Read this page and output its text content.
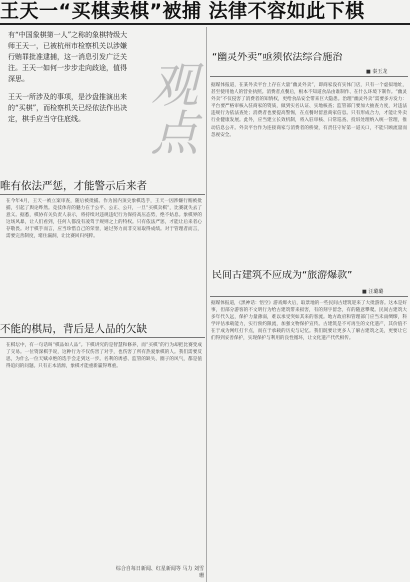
王天一“买棋卖棋”被捕 法律不容如此下棋
有“中国象棋第一人”之称的象棋特级大师王天一，已被杭州市检察机关以涉嫌行贿罪批准逮捕，这一消息引发广泛关注。王天一如何一步步走向歧途，值得深思。
王天一所涉及的事项，是沙盘推演出来的“买棋”，而检察机关已经依法作出决定，棋手应当守住底线。	观点
唯有依法严惩，才能警示后来者
在今年4月，王天一被立案审查，随后被批捕。作为国内顶尖象棋选手，王天一因涉嫌行贿被批捕，引起了舆论哗然。竞技体育的魅力在于公平、公正、公开，一旦“买棋卖棋”，比赛就失去了意义。据悉，棋协有关负责人表示，将持续对违规违纪行为保持高压态势，绝不姑息。象棋界的这场风暴，让人们看到，任何人都没有凌驾于规则之上的特权。只有依法严惩，才能让后来者心存敬畏。对于棋手而言，应当珍惜自己的荣誉，通过努力而非交易取得成绩。对于管理者而言，需要完善制度，堵住漏洞，让比赛回归纯粹。
不能的棋局，背后是人品的欠缺
在棋坛中，有一句话叫“棋品如人品”。下棋讲究的是智慧和修养，而“买棋”的行为却把比赛变成了交易。一位资深棋手说，这种行为不仅伤害了对手，也伤害了所有热爱象棋的人。我们需要反思，为什么一位天赋卓绝的选手会走到这一步。名利的诱惑、监管的缺失、圈子的风气，都是值得追问的问题。只有正本清源，象棋才能重新赢得尊重。
综合自每日新闻、红星新闻等 马力 刘雪珊
“幽灵外卖”亟须依法综合施治
■ 秦玉龙
据媒体报道，在某外卖平台上存在大量“幽灵外卖”，即商家没有实体门店，只有一个虚拟地址，甚至使用他人的营业执照。消费者点餐后，根本不知道食品由谁制作、在什么环境下制作。“幽灵外卖”不仅侵害了消费者的知情权，更给食品安全带来巨大隐患。治理“幽灵外卖”需要多方发力：平台要严格审核入驻商家的资质，做到实名认证、实地核查；监管部门要加大抽查力度，对违法违规行为依法查处；消费者也要提高警惕，在点餐时留意商家信息。只有形成合力，才能让外卖行业健康发展。此外，应当建立长效机制，将入驻审核、日常巡查、投诉处理纳入统一管理，推动信息公开。外卖平台作为连接商家与消费者的桥梁，有责任守好第一道关口，不能只顾流量而忽视安全。
民间古建筑不应成为“旅游爆款”
■ 汪璐璐
据媒体报道，《黑神话：悟空》游戏爆火后，取景地的一些民间古建筑迎来了大批游客。这本是好事，但部分游客的不文明行为给古建筑带来损害，有的刻字留念，有的随意攀爬。民间古建筑大多年代久远，保护力量薄弱，难以承受突如其来的客流。地方政府和管理部门应当未雨绸缪，科学评估承载能力，实行预约限流，加强文物保护宣传。古建筑是不可再生的文化遗产，其价值不在于成为网红打卡点，而在于承载的历史与记忆。我们既要让更多人了解古建筑之美，更要让它们得到妥善保护，实现保护与利用的良性循环，让文化遗产代代相传。
